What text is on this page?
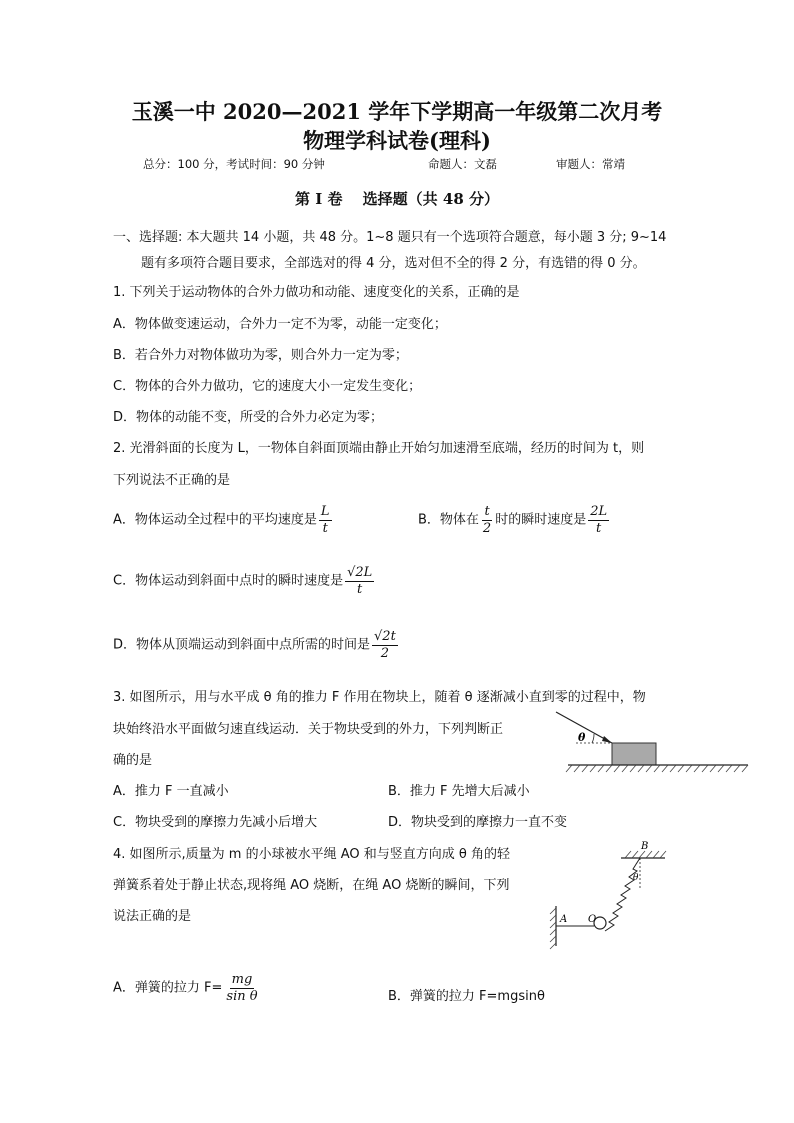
玉溪一中 2020—2021 学年下学期高一年级第二次月考
物理学科试卷(理科)
总分：100 分，考试时间：90 分钟	命题人：文磊	审题人：常靖
第 I 卷　 选择题（共 48 分）
一、选择题: 本大题共 14 小题，共 48 分。1~8 题只有一个选项符合题意，每小题 3 分; 9~14
题有多项符合题目要求，全部选对的得 4 分，选对但不全的得 2 分，有选错的得 0 分。
1. 下列关于运动物体的合外力做功和动能、速度变化的关系，正确的是
A．物体做变速运动，合外力一定不为零，动能一定变化；
B．若合外力对物体做功为零，则合外力一定为零；
C．物体的合外力做功，它的速度大小一定发生变化；
D．物体的动能不变，所受的合外力必定为零；
2. 光滑斜面的长度为 L，一物体自斜面顶端由静止开始匀加速滑至底端，经历的时间为 t，则
下列说法不正确的是
A．物体运动全过程中的平均速度是 $\frac{L}{t}$	B．物体在 $\frac{t}{2}$ 时的瞬时速度是 $\frac{2L}{t}$
C．物体运动到斜面中点时的瞬时速度是 $\frac{√2L}{t}$
D．物体从顶端运动到斜面中点所需的时间是 $\frac{√2t}{2}$
3. 如图所示，用与水平成 θ 角的推力 F 作用在物块上，随着 θ 逐渐减小直到零的过程中，物
块始终沿水平面做匀速直线运动．关于物块受到的外力，下列判断正
确的是
θ
A．推力 F 一直减小	B．推力 F 先增大后减小
C．物块受到的摩擦力先减小后增大	D．物块受到的摩擦力一直不变
4. 如图所示,质量为 m 的小球被水平绳 AO 和与竖直方向成 θ 角的轻
弹簧系着处于静止状态,现将绳 AO 烧断，在绳 AO 烧断的瞬间，下列
说法正确的是
B
θ
O
A
A．弹簧的拉力 $F= \frac{mg}{\text{sin θ}}$	B．弹簧的拉力 F=mgsinθ
